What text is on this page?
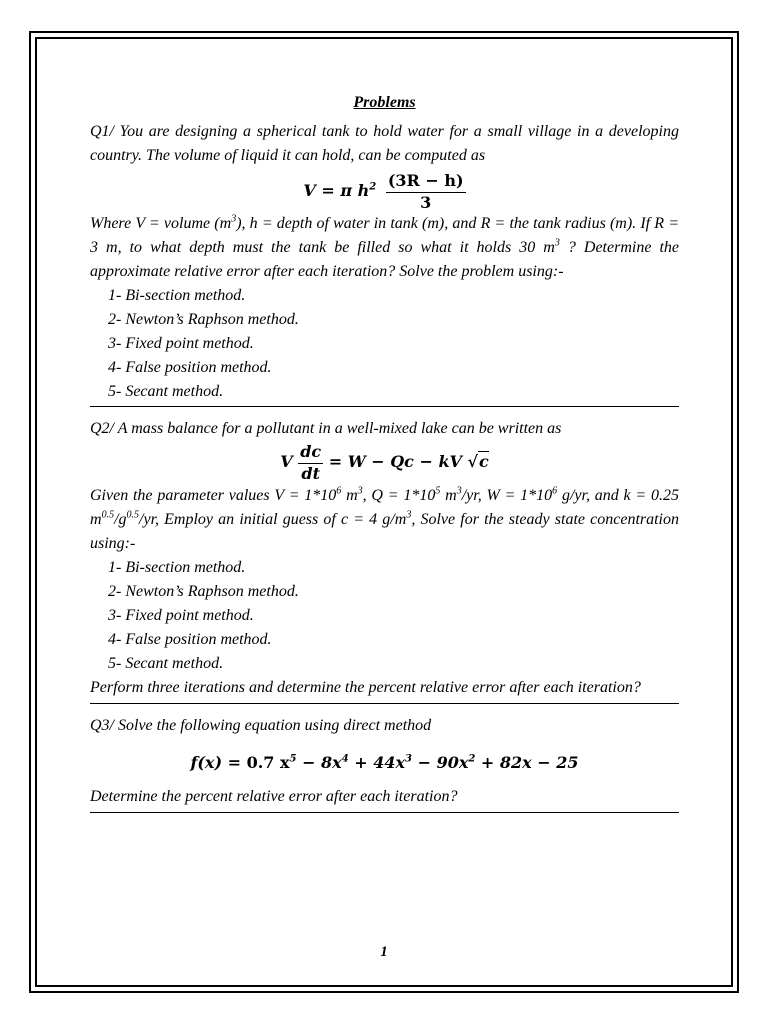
Problems

Q1/ You are designing a spherical tank to hold water for a small village in a developing country. The volume of liquid it can hold, can be computed as

V = π $h^2 \frac{(3R - h)}{3}$

Where V = volume $(m^3)$, h = depth of water in tank (m), and R = the tank radius (m). If R = 3 m, to what depth must the tank be filled so what it holds 30 $m^3$ ? Determine the approximate relative error after each iteration? Solve the problem using:-

1- Bi-section method.
2- Newton’s Raphson method.
3- Fixed point method.
4- False position method.
5- Secant method.

Q2/ A mass balance for a pollutant in a well-mixed lake can be written as

V $\frac{dc}{dt} = W - Qc$ − kV √c

Given the parameter values $V = 1*10^6$ $m^3$, $Q = 1*10^5$ $m^3/yr$, $W = 1*10^6$ g/yr, and k = 0.25 $m^{0.5}/g^{0.5}/yr$, Employ an initial guess of c = 4 $g/m^3$, Solve for the steady state concentration using:-

1- Bi-section method.
2- Newton’s Raphson method.
3- Fixed point method.
4- False position method.
5- Secant method.

Perform three iterations and determine the percent relative error after each iteration?

Q3/ Solve the following equation using direct method

f(x) = 0.7 $x^5 - 8x^4 + 44x^3 - 90x^2 + 82x - 25$

Determine the percent relative error after each iteration?

1
